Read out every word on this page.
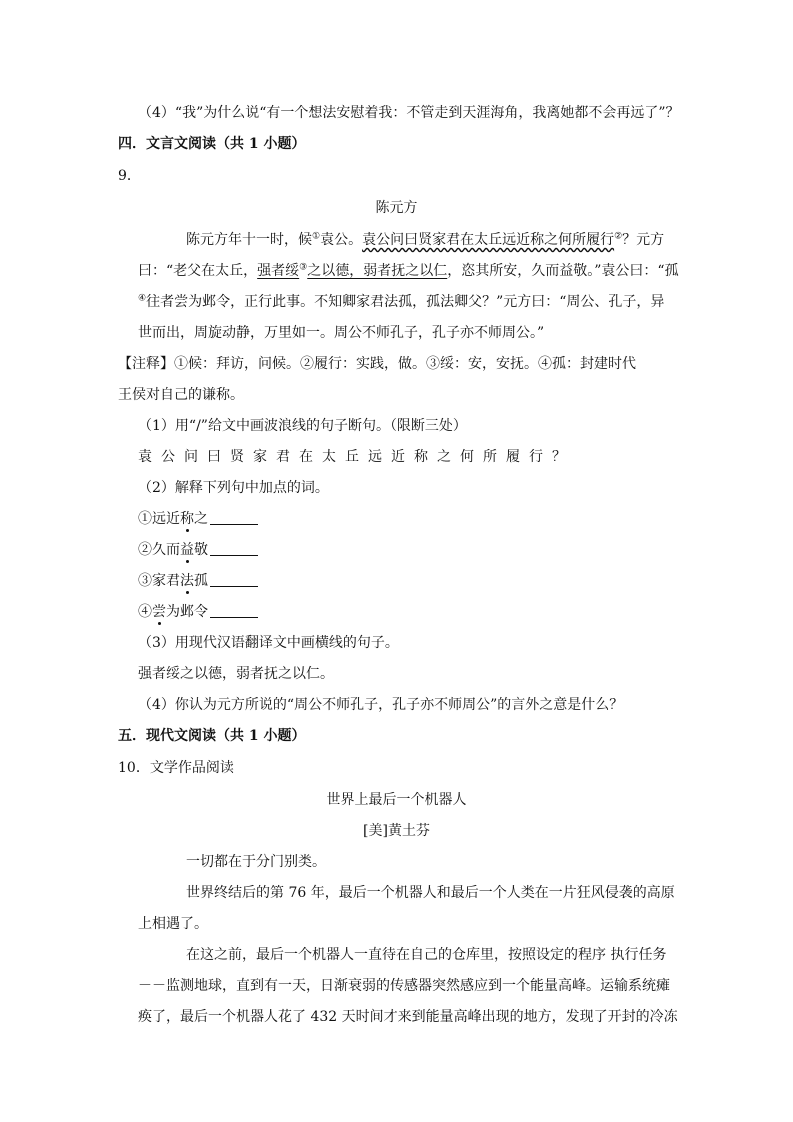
（4）“我”为什么说“有一个想法安慰着我：不管走到天涯海角，我离她都不会再远了”？
四．文言文阅读（共 1 小题）
9．
陈元方
陈元方年十一时，候①袁公。袁公问曰贤家君在太丘远近称之何所履行②？元方
曰：“老父在太丘，强者绥③之以德，弱者抚之以仁，恣其所安，久而益敬。”袁公曰：“孤
④往者尝为邺令，正行此事。不知卿家君法孤，孤法卿父？”元方曰：“周公、孔子，异
世而出，周旋动静，万里如一。周公不师孔子，孔子亦不师周公。”
【注释】①候：拜访，问候。②履行：实践，做。③绥：安，安抚。④孤：封建时代
王侯对自己的谦称。
（1）用“/”给文中画波浪线的句子断句。（限断三处）
袁公问曰贤家君在太丘远近称之何所履行？
（2）解释下列句中加点的词。
①远近称之
②久而益敬
③家君法孤
④尝为邺令
（3）用现代汉语翻译文中画横线的句子。
强者绥之以德，弱者抚之以仁。
（4）你认为元方所说的“周公不师孔子，孔子亦不师周公”的言外之意是什么？
五．现代文阅读（共 1 小题）
10．文学作品阅读
世界上最后一个机器人
[美]黄土芬
一切都在于分门别类。
世界终结后的第 76 年，最后一个机器人和最后一个人类在一片狂风侵袭的高原
上相遇了。
在这之前，最后一个机器人一直待在自己的仓库里，按照设定的程序 执行任务
－－监测地球，直到有一天，日渐衰弱的传感器突然感应到一个能量高峰。运输系统瘫
痪了，最后一个机器人花了 432 天时间才来到能量高峰出现的地方，发现了开封的冷冻
